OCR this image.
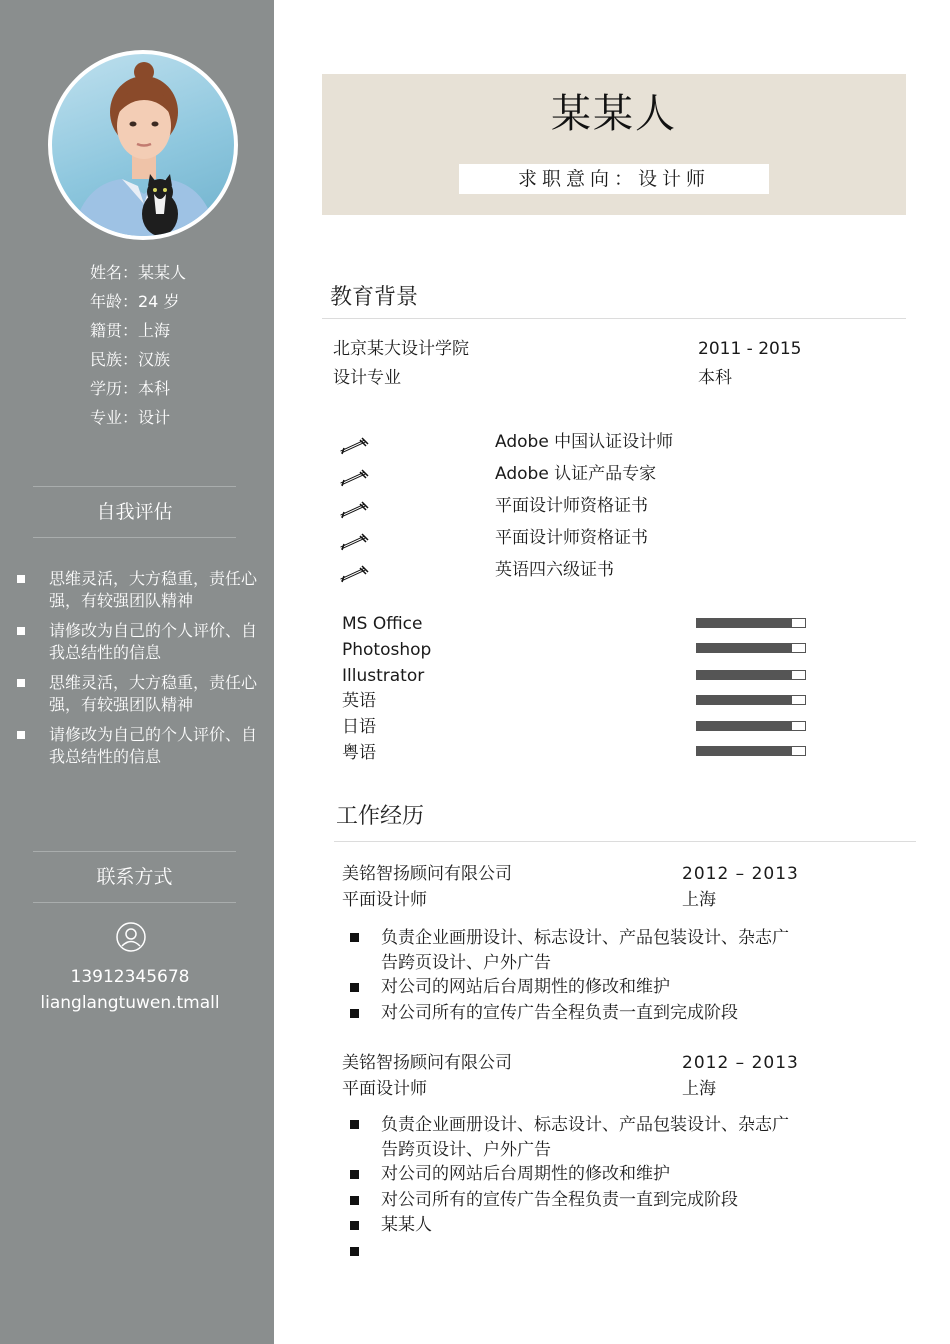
姓名：某某人
年龄：24 岁
籍贯：上海
民族：汉族
学历：本科
专业：设计
自我评估
思维灵活，大方稳重，责任心强，有较强团队精神
请修改为自己的个人评价、自我总结性的信息
思维灵活，大方稳重，责任心强，有较强团队精神
请修改为自己的个人评价、自我总结性的信息
联系方式
13912345678
lianglangtuwen.tmall
某某人
求职意向：设计师
教育背景
北京某大设计学院	2011 - 2015
设计专业	本科
Adobe 中国认证设计师
Adobe 认证产品专家
平面设计师资格证书
平面设计师资格证书
英语四六级证书
MS Office
Photoshop
Illustrator
英语
日语
粤语
工作经历
美铭智扬顾问有限公司	2012 – 2013
平面设计师	上海
负责企业画册设计、标志设计、产品包装设计、杂志广告跨页设计、户外广告
对公司的网站后台周期性的修改和维护
对公司所有的宣传广告全程负责一直到完成阶段
美铭智扬顾问有限公司	2012 – 2013
平面设计师	上海
负责企业画册设计、标志设计、产品包装设计、杂志广告跨页设计、户外广告
对公司的网站后台周期性的修改和维护
对公司所有的宣传广告全程负责一直到完成阶段
某某人
